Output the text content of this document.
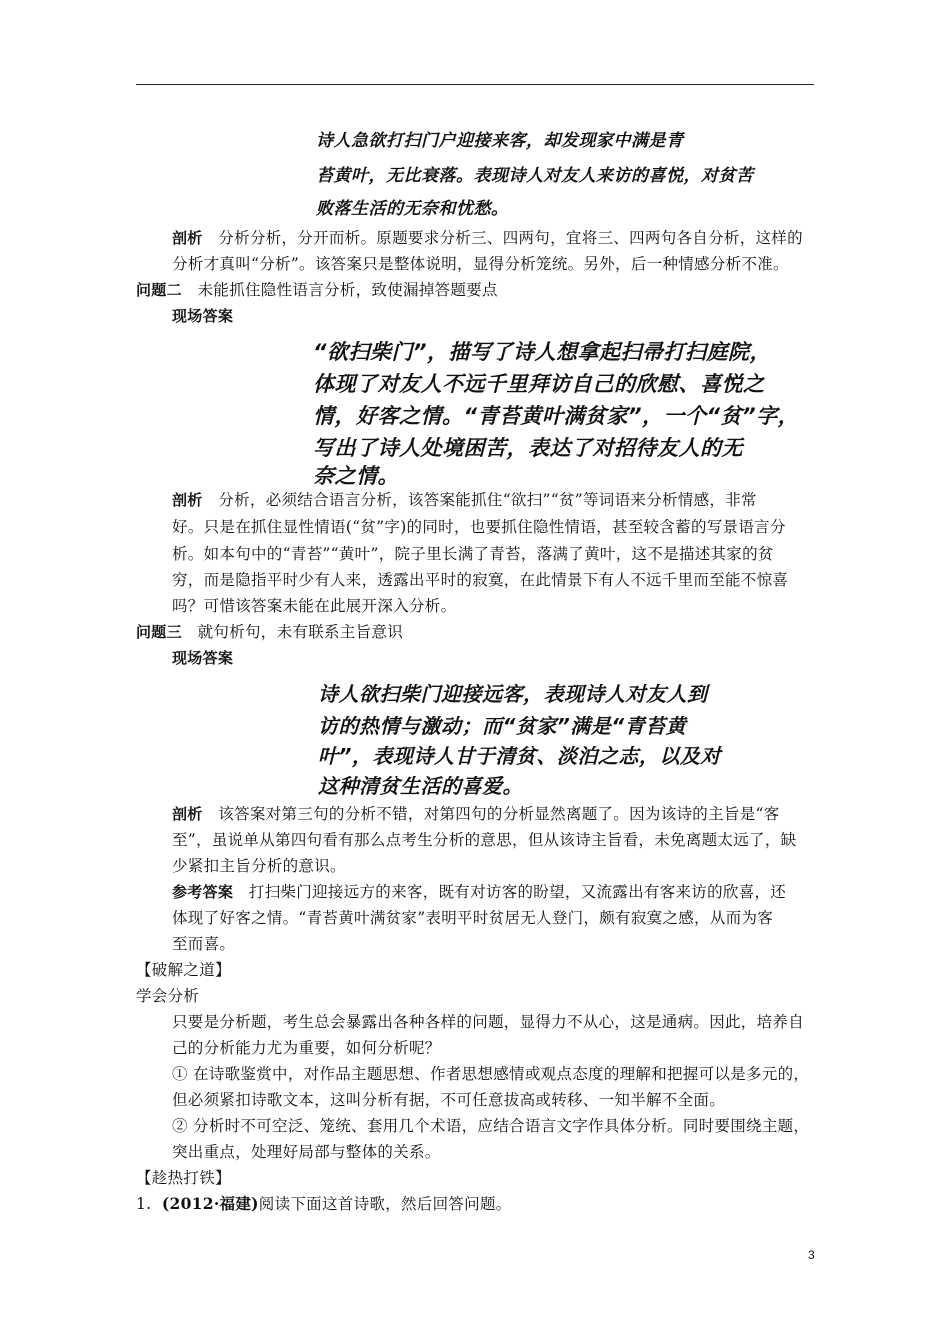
诗人急欲打扫门户迎接来客，却发现家中满是青
苔黄叶，无比衰落。表现诗人对友人来访的喜悦，对贫苦
败落生活的无奈和忧愁。
剖析 分析分析，分开而析。原题要求分析三、四两句，宜将三、四两句各自分析，这样的
分析才真叫“分析”。该答案只是整体说明，显得分析笼统。另外，后一种情感分析不准。
问题二 未能抓住隐性语言分析，致使漏掉答题要点
现场答案
“欲扫柴门”，描写了诗人想拿起扫帚打扫庭院，
体现了对友人不远千里拜访自己的欣慰、喜悦之
情，好客之情。“青苔黄叶满贫家”，一个“贫”字，
写出了诗人处境困苦，表达了对招待友人的无
奈之情。
剖析 分析，必须结合语言分析，该答案能抓住“欲扫”“贫”等词语来分析情感，非常
好。只是在抓住显性情语(“贫”字)的同时，也要抓住隐性情语，甚至较含蓄的写景语言分
析。如本句中的“青苔”“黄叶”，院子里长满了青苔，落满了黄叶，这不是描述其家的贫
穷，而是隐指平时少有人来，透露出平时的寂寞，在此情景下有人不远千里而至能不惊喜
吗？可惜该答案未能在此展开深入分析。
问题三 就句析句，未有联系主旨意识
现场答案
诗人欲扫柴门迎接远客，表现诗人对友人到
访的热情与激动；而“贫家”满是“青苔黄
叶”，表现诗人甘于清贫、淡泊之志，以及对
这种清贫生活的喜爱。
剖析 该答案对第三句的分析不错，对第四句的分析显然离题了。因为该诗的主旨是“客
至”，虽说单从第四句看有那么点考生分析的意思，但从该诗主旨看，未免离题太远了，缺
少紧扣主旨分析的意识。
参考答案 打扫柴门迎接远方的来客，既有对访客的盼望，又流露出有客来访的欣喜，还
体现了好客之情。“青苔黄叶满贫家”表明平时贫居无人登门，颇有寂寞之感，从而为客
至而喜。
【破解之道】
学会分析
只要是分析题，考生总会暴露出各种各样的问题，显得力不从心，这是通病。因此，培养自
己的分析能力尤为重要，如何分析呢？
① 在诗歌鉴赏中，对作品主题思想、作者思想感情或观点态度的理解和把握可以是多元的，
但必须紧扣诗歌文本，这叫分析有据，不可任意拔高或转移、一知半解不全面。
② 分析时不可空泛、笼统、套用几个术语，应结合语言文字作具体分析。同时要围绕主题，
突出重点，处理好局部与整体的关系。
【趁热打铁】
1. (2012·福建)阅读下面这首诗歌，然后回答问题。
3
